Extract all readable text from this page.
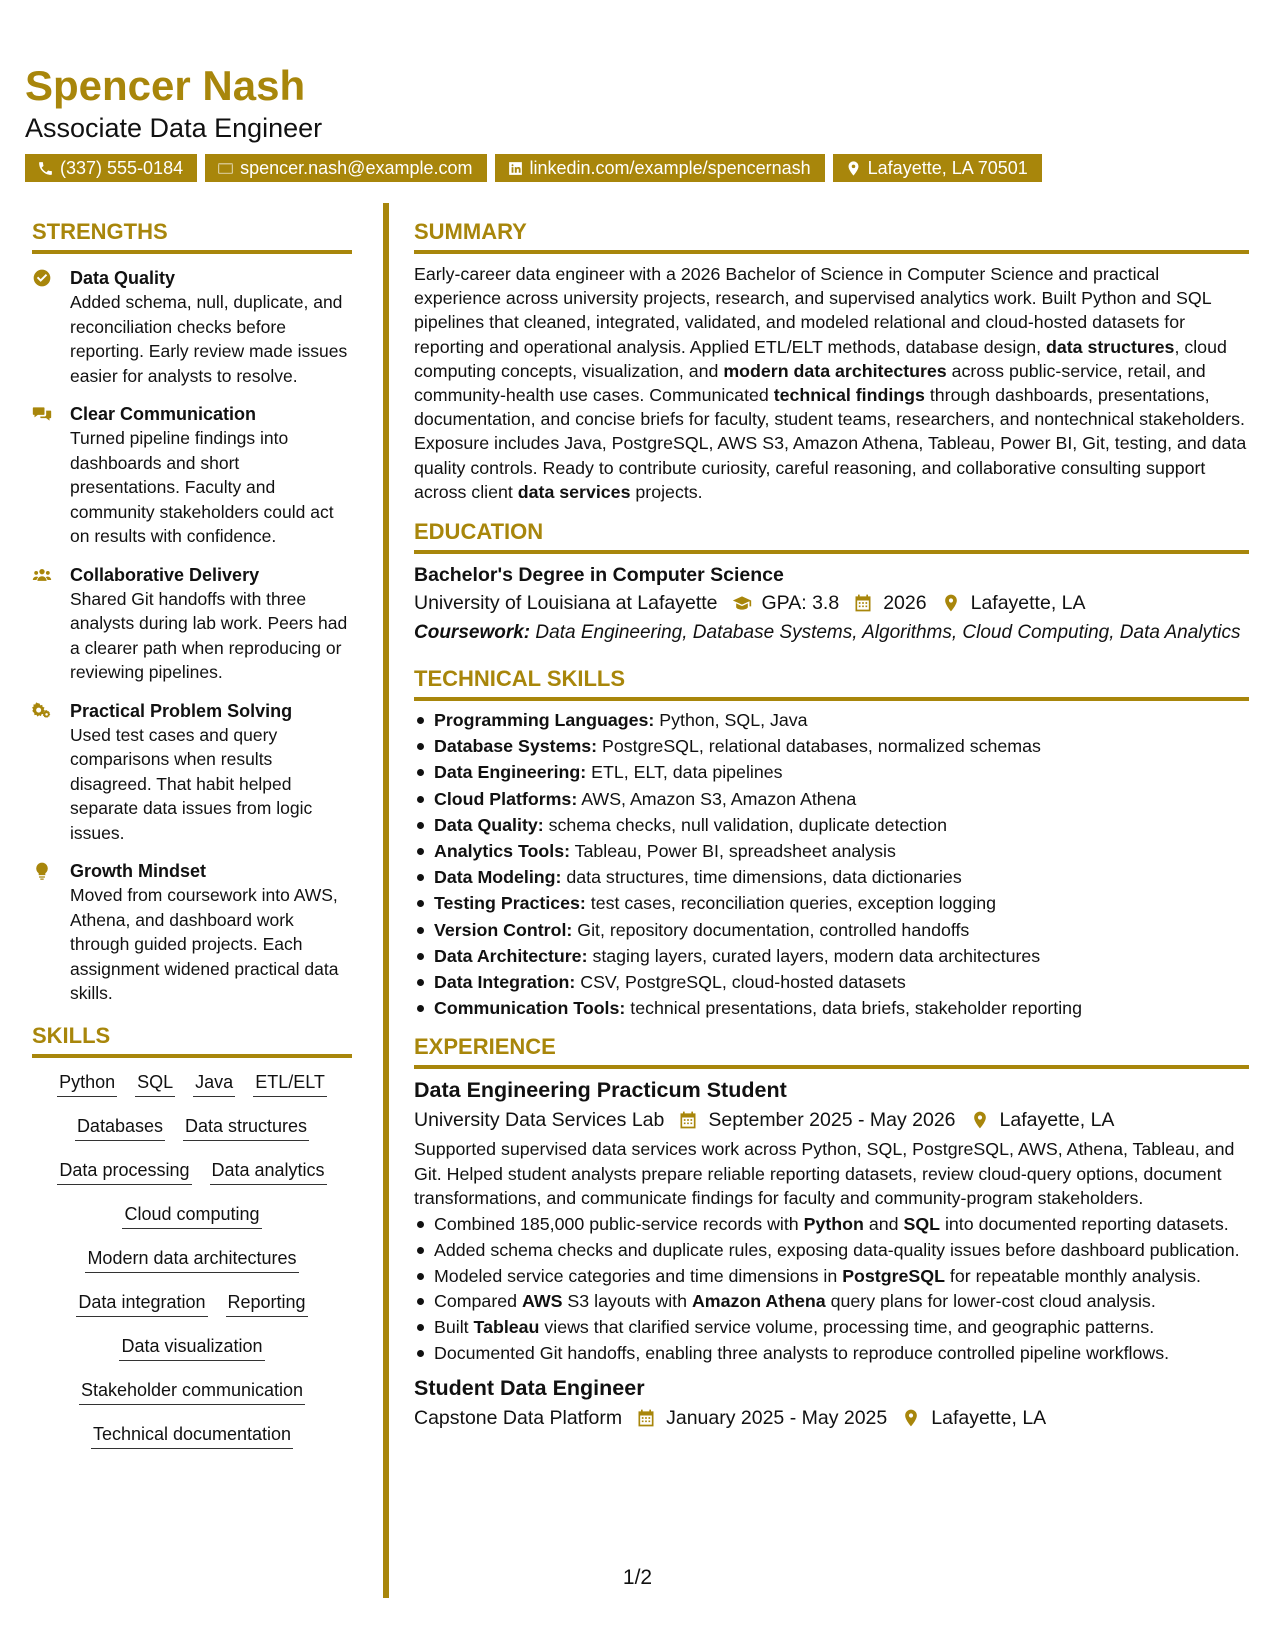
Spencer Nash
Associate Data Engineer
(337) 555-0184	spencer.nash@example.com	linkedin.com/example/spencernash	Lafayette, LA 70501
STRENGTHS
Data Quality
Added schema, null, duplicate, and reconciliation checks before reporting. Early review made issues easier for analysts to resolve.
Clear Communication
Turned pipeline findings into dashboards and short presentations. Faculty and community stakeholders could act on results with confidence.
Collaborative Delivery
Shared Git handoffs with three analysts during lab work. Peers had a clearer path when reproducing or reviewing pipelines.
Practical Problem Solving
Used test cases and query comparisons when results disagreed. That habit helped separate data issues from logic issues.
Growth Mindset
Moved from coursework into AWS, Athena, and dashboard work through guided projects. Each assignment widened practical data skills.
SKILLS
Python SQL Java ETL/ELT
Databases Data structures
Data processing Data analytics
Cloud computing
Modern data architectures
Data integration Reporting
Data visualization
Stakeholder communication
Technical documentation
SUMMARY
Early-career data engineer with a 2026 Bachelor of Science in Computer Science and practical experience across university projects, research, and supervised analytics work. Built Python and SQL pipelines that cleaned, integrated, validated, and modeled relational and cloud-hosted datasets for reporting and operational analysis. Applied ETL/ELT methods, database design, data structures, cloud computing concepts, visualization, and modern data architectures across public-service, retail, and community-health use cases. Communicated technical findings through dashboards, presentations, documentation, and concise briefs for faculty, student teams, researchers, and nontechnical stakeholders. Exposure includes Java, PostgreSQL, AWS S3, Amazon Athena, Tableau, Power BI, Git, testing, and data quality controls. Ready to contribute curiosity, careful reasoning, and collaborative consulting support across client data services projects.
EDUCATION
Bachelor's Degree in Computer Science
University of Louisiana at Lafayette GPA: 3.8 2026 Lafayette, LA
Coursework: Data Engineering, Database Systems, Algorithms, Cloud Computing, Data Analytics
TECHNICAL SKILLS
Programming Languages: Python, SQL, Java
Database Systems: PostgreSQL, relational databases, normalized schemas
Data Engineering: ETL, ELT, data pipelines
Cloud Platforms: AWS, Amazon S3, Amazon Athena
Data Quality: schema checks, null validation, duplicate detection
Analytics Tools: Tableau, Power BI, spreadsheet analysis
Data Modeling: data structures, time dimensions, data dictionaries
Testing Practices: test cases, reconciliation queries, exception logging
Version Control: Git, repository documentation, controlled handoffs
Data Architecture: staging layers, curated layers, modern data architectures
Data Integration: CSV, PostgreSQL, cloud-hosted datasets
Communication Tools: technical presentations, data briefs, stakeholder reporting
EXPERIENCE
Data Engineering Practicum Student
University Data Services Lab September 2025 - May 2026 Lafayette, LA
Supported supervised data services work across Python, SQL, PostgreSQL, AWS, Athena, Tableau, and Git. Helped student analysts prepare reliable reporting datasets, review cloud-query options, document transformations, and communicate findings for faculty and community-program stakeholders.
Combined 185,000 public-service records with Python and SQL into documented reporting datasets.
Added schema checks and duplicate rules, exposing data-quality issues before dashboard publication.
Modeled service categories and time dimensions in PostgreSQL for repeatable monthly analysis.
Compared AWS S3 layouts with Amazon Athena query plans for lower-cost cloud analysis.
Built Tableau views that clarified service volume, processing time, and geographic patterns.
Documented Git handoffs, enabling three analysts to reproduce controlled pipeline workflows.
Student Data Engineer
Capstone Data Platform January 2025 - May 2025 Lafayette, LA
1/2
